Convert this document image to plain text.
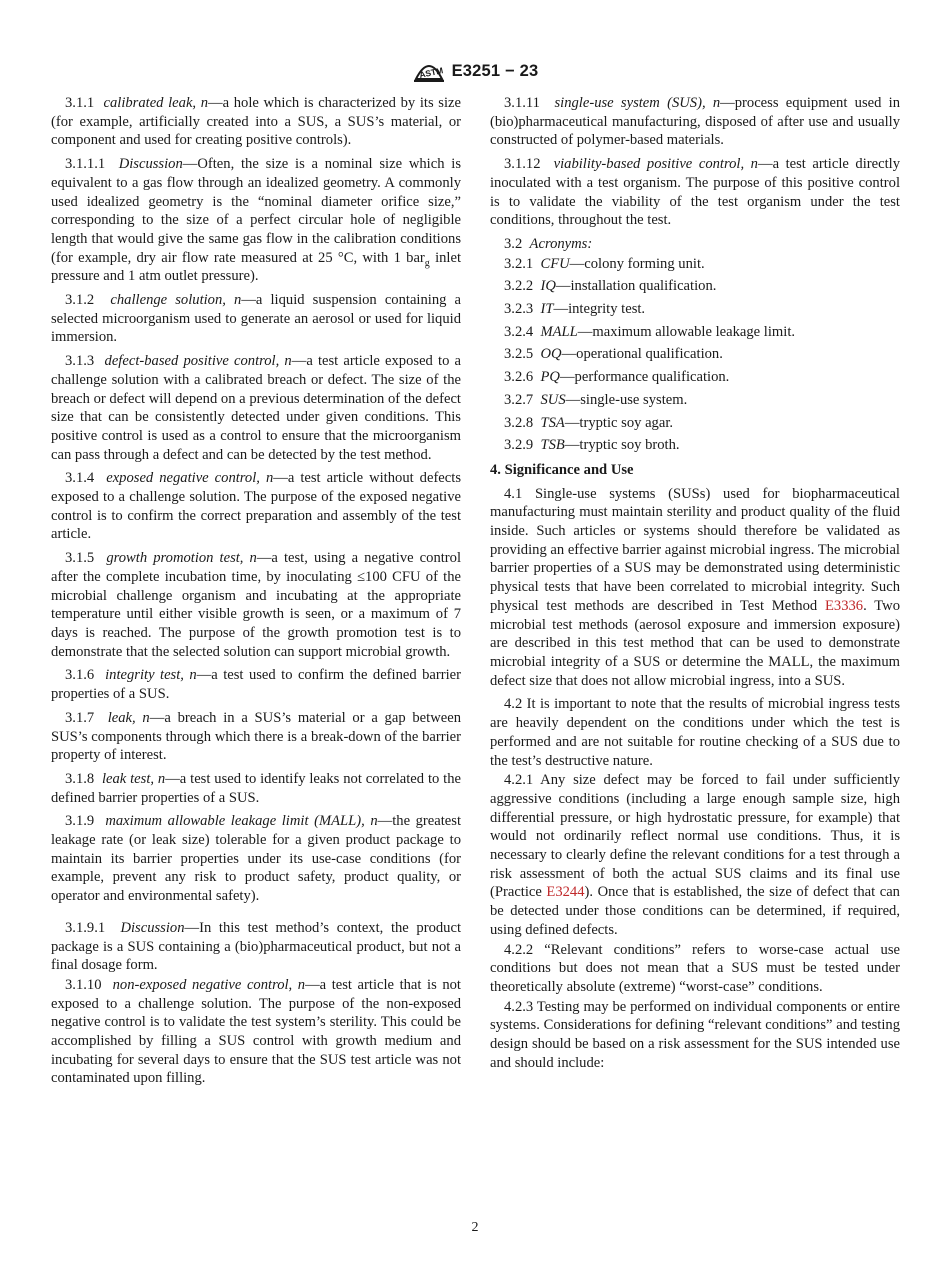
ASTM E3251 − 23

3.1.1 calibrated leak, n—a hole which is characterized by its size (for example, artificially created into a SUS, a SUS’s material, or component and used for creating positive controls).

3.1.1.1 Discussion—Often, the size is a nominal size which is equivalent to a gas flow through an idealized geometry. A commonly used idealized geometry is the “nominal diameter orifice size,” corresponding to the size of a perfect circular hole of negligible length that would give the same gas flow in the calibration conditions (for example, dry air flow rate measured at 25 °C, with 1 bar$_g$ inlet pressure and 1 atm outlet pressure).

3.1.2 challenge solution, n—a liquid suspension containing a selected microorganism used to generate an aerosol or used for liquid immersion.

3.1.3 defect-based positive control, n—a test article exposed to a challenge solution with a calibrated breach or defect. The size of the breach or defect will depend on a previous determination of the defect size that can be consistently detected under given conditions. This positive control is used as a control to ensure that the microorganism can pass through a defect and can be detected by the test method.

3.1.4 exposed negative control, n—a test article without defects exposed to a challenge solution. The purpose of the exposed negative control is to confirm the correct preparation and assembly of the test article.

3.1.5 growth promotion test, n—a test, using a negative control after the complete incubation time, by inoculating ≤100 CFU of the microbial challenge organism and incubating at the appropriate temperature until either visible growth is seen, or a maximum of 7 days is reached. The purpose of the growth promotion test is to demonstrate that the selected solution can support microbial growth.

3.1.6 integrity test, n—a test used to confirm the defined barrier properties of a SUS.

3.1.7 leak, n—a breach in a SUS’s material or a gap between SUS’s components through which there is a break-down of the barrier property of interest.

3.1.8 leak test, n—a test used to identify leaks not correlated to the defined barrier properties of a SUS.

3.1.9 maximum allowable leakage limit (MALL), n—the greatest leakage rate (or leak size) tolerable for a given product package to maintain its barrier properties under its use-case conditions (for example, prevent any risk to product safety, product quality, or operator and environmental safety).

3.1.9.1 Discussion—In this test method’s context, the product package is a SUS containing a (bio)pharmaceutical product, but not a final dosage form.

3.1.10 non-exposed negative control, n—a test article that is not exposed to a challenge solution. The purpose of the non-exposed negative control is to validate the test system’s sterility. This could be accomplished by filling a SUS control with growth medium and incubating for several days to ensure that the SUS test article was not contaminated upon filling.

3.1.11 single-use system (SUS), n—process equipment used in (bio)pharmaceutical manufacturing, disposed of after use and usually constructed of polymer-based materials.

3.1.12 viability-based positive control, n—a test article directly inoculated with a test organism. The purpose of this positive control is to validate the viability of the test organism under the test conditions, throughout the test.

3.2 Acronyms:

3.2.1 CFU—colony forming unit.

3.2.2 IQ—installation qualification.

3.2.3 IT—integrity test.

3.2.4 MALL—maximum allowable leakage limit.

3.2.5 OQ—operational qualification.

3.2.6 PQ—performance qualification.

3.2.7 SUS—single-use system.

3.2.8 TSA—tryptic soy agar.

3.2.9 TSB—tryptic soy broth.

4. Significance and Use

4.1 Single-use systems (SUSs) used for biopharmaceutical manufacturing must maintain sterility and product quality of the fluid inside. Such articles or systems should therefore be validated as providing an effective barrier against microbial ingress. The microbial barrier properties of a SUS may be demonstrated using deterministic physical tests that have been correlated to microbial integrity. Such physical test methods are described in Test Method E3336. Two microbial test methods (aerosol exposure and immersion exposure) are described in this test method that can be used to demonstrate microbial integrity of a SUS or determine the MALL, the maximum defect size that does not allow microbial ingress, into a SUS.

4.2 It is important to note that the results of microbial ingress tests are heavily dependent on the conditions under which the test is performed and are not suitable for routine checking of a SUS due to the test’s destructive nature.

4.2.1 Any size defect may be forced to fail under sufficiently aggressive conditions (including a large enough sample size, high differential pressure, or high hydrostatic pressure, for example) that would not ordinarily reflect normal use conditions. Thus, it is necessary to clearly define the relevant conditions for a test through a risk assessment of both the actual SUS claims and its final use (Practice E3244). Once that is established, the size of defect that can be detected under those conditions can be determined, if required, using defined defects.

4.2.2 “Relevant conditions” refers to worse-case actual use conditions but does not mean that a SUS must be tested under theoretically absolute (extreme) “worst-case” conditions.

4.2.3 Testing may be performed on individual components or entire systems. Considerations for defining “relevant conditions” and testing design should be based on a risk assessment for the SUS intended use and should include:

2
